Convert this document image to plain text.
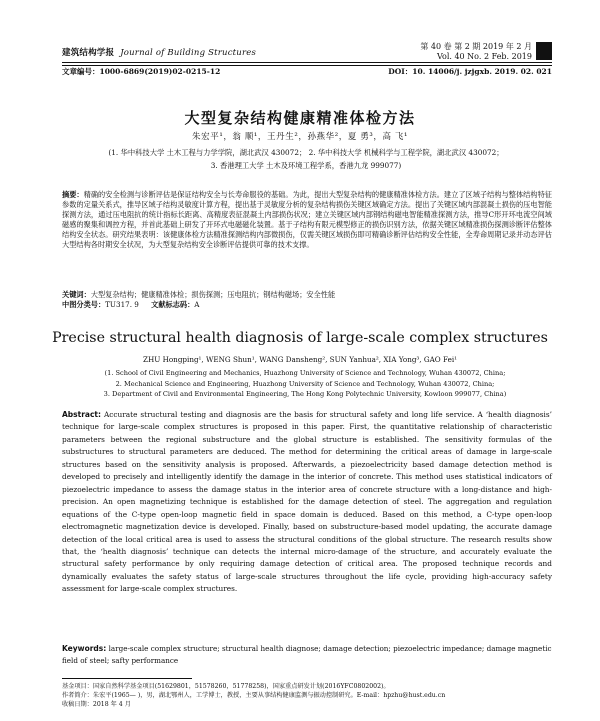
建筑结构学报 Journal of Building Structures
第 40 卷 第 2 期 2019 年 2 月
Vol. 40 No. 2 Feb. 2019
文章编号：1000-6869(2019)02-0215-12	DOI：10. 14006/j. jzjgxb. 2019. 02. 021
大型复杂结构健康精准体检方法
朱宏平¹，翁 顺¹，王丹生²，孙燕华²，夏 勇³，高 飞¹
(1. 华中科技大学 土木工程与力学学院，湖北武汉 430072； 2. 华中科技大学 机械科学与工程学院，湖北武汉 430072；
3. 香港理工大学 土木及环境工程学系，香港九龙 999077)
摘要：精确的安全检测与诊断评估是保证结构安全与长寿命服役的基础。为此，提出大型复杂结构的健康精准体检方法。建立了区域子结构与整体结构特征参数的定量关系式，推导区域子结构灵敏度计算方程，提出基于灵敏度分析的复杂结构损伤关键区域确定方法。提出了关键区域内部混凝土损伤的压电智能探测方法，通过压电阻抗的统计指标长距离、高精度表征混凝土内部损伤状况；建立关键区域内部钢结构磁电智能精准探测方法，推导C形开环电流空间域磁感的聚集和调控方程，并首此基础上研发了开环式电磁磁化装置。基于子结构有限元模型修正的损伤识别方法，依据关键区域精准损伤探测诊断评估整体结构安全状态。研究结果表明：该健康体检方法精准探测结构内部微损伤，仅需关键区域损伤即可精确诊断评估结构安全性能，全寿命周期记录并动态评估大型结构各时期安全状况，为大型复杂结构安全诊断评估提供可靠的技术支撑。
关键词：大型复杂结构；健康精准体检；损伤探测；压电阻抗；钢结构磁场；安全性能
中图分类号：TU317. 9 文献标志码：A
Precise structural health diagnosis of large-scale complex structures
ZHU Hongping¹, WENG Shun¹, WANG Dansheng², SUN Yanhua², XIA Yong³, GAO Fei¹
(1. School of Civil Engineering and Mechanics, Huazhong University of Science and Technology, Wuhan 430072, China;
2. Mechanical Science and Engineering, Huazhong University of Science and Technology, Wuhan 430072, China;
3. Department of Civil and Environmental Engineering, The Hong Kong Polytechnic University, Kowloon 999077, China)
Abstract: Accurate structural testing and diagnosis are the basis for structural safety and long life service. A ‘health diagnosis’ technique for large-scale complex structures is proposed in this paper. First, the quantitative relationship of characteristic parameters between the regional substructure and the global structure is established. The sensitivity formulas of the substructures to structural parameters are deduced. The method for determining the critical areas of damage in large-scale structures based on the sensitivity analysis is proposed. Afterwards, a piezoelectricity based damage detection method is developed to precisely and intelligently identify the damage in the interior of concrete. This method uses statistical indicators of piezoelectric impedance to assess the damage status in the interior area of concrete structure with a long-distance and high-precision. An open magnetizing technique is established for the damage detection of steel. The aggregation and regulation equations of the C-type open-loop magnetic field in space domain is deduced. Based on this method, a C-type open-loop electromagnetic magnetization device is developed. Finally, based on substructure-based model updating, the accurate damage detection of the local critical area is used to assess the structural conditions of the global structure. The research results show that, the ‘health diagnosis’ technique can detects the internal micro-damage of the structure, and accurately evaluate the structural safety performance by only requiring damage detection of critical area. The proposed technique records and dynamically evaluates the safety status of large-scale structures throughout the life cycle, providing high-accuracy safety assessment for large-scale complex structures.
Keywords: large-scale complex structure; structural health diagnose; damage detection; piezoelectric impedance; damage magnetic field of steel; safty performance
基金项目：国家自然科学基金项目(51629801，51578260，51778258)，国家重点研发计划(2016YFC0802002)。
作者简介：朱宏平(1965— )，男，湖北鄂州人，工学博士，教授，主要从事结构健康监测与振动控制研究。E-mail：hpzhu@hust.edu.cn
收稿日期：2018 年 4 月
